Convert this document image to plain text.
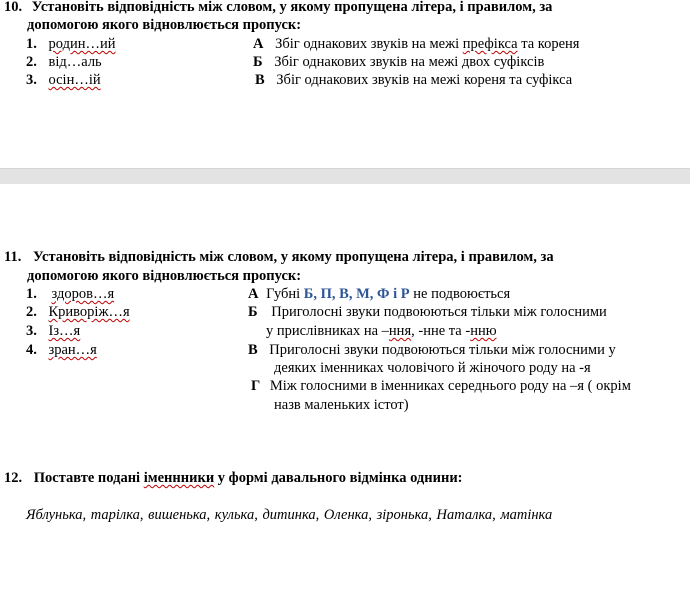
10. Установіть відповідність між словом, у якому пропущена літера, і правилом, за
допомогою якого відновлюється пропуск:
1. родин…ий
2. від…аль
3. осін…ій
А Збіг однакових звуків на межі префікса та кореня
Б Збіг однакових звуків на межі двох суфіксів
В Збіг однакових звуків на межі кореня та суфікса
11. Установіть відповідність між словом, у якому пропущена літера, і правилом, за
допомогою якого відновлюється пропуск:
1. здоров…я
2. Криворіж…я
3. Із…я
4. зран…я
А Губні Б, П, В, М, Ф і Р не подвоюється
Б Приголосні звуки подвоюються тільки між голосними
у прислівниках на –ння, -нне та -нню
В Приголосні звуки подвоюються тільки між голосними у
деяких іменниках чоловічого й жіночого роду на -я
Г Між голосними в іменниках середнього роду на –я ( окрім
назв маленьких істот)
12. Поставте подані іменнники у формі давального відмінка однини:
Яблунька, тарілка, вишенька, кулька, дитинка, Оленка, зіронька, Наталка, матінка
